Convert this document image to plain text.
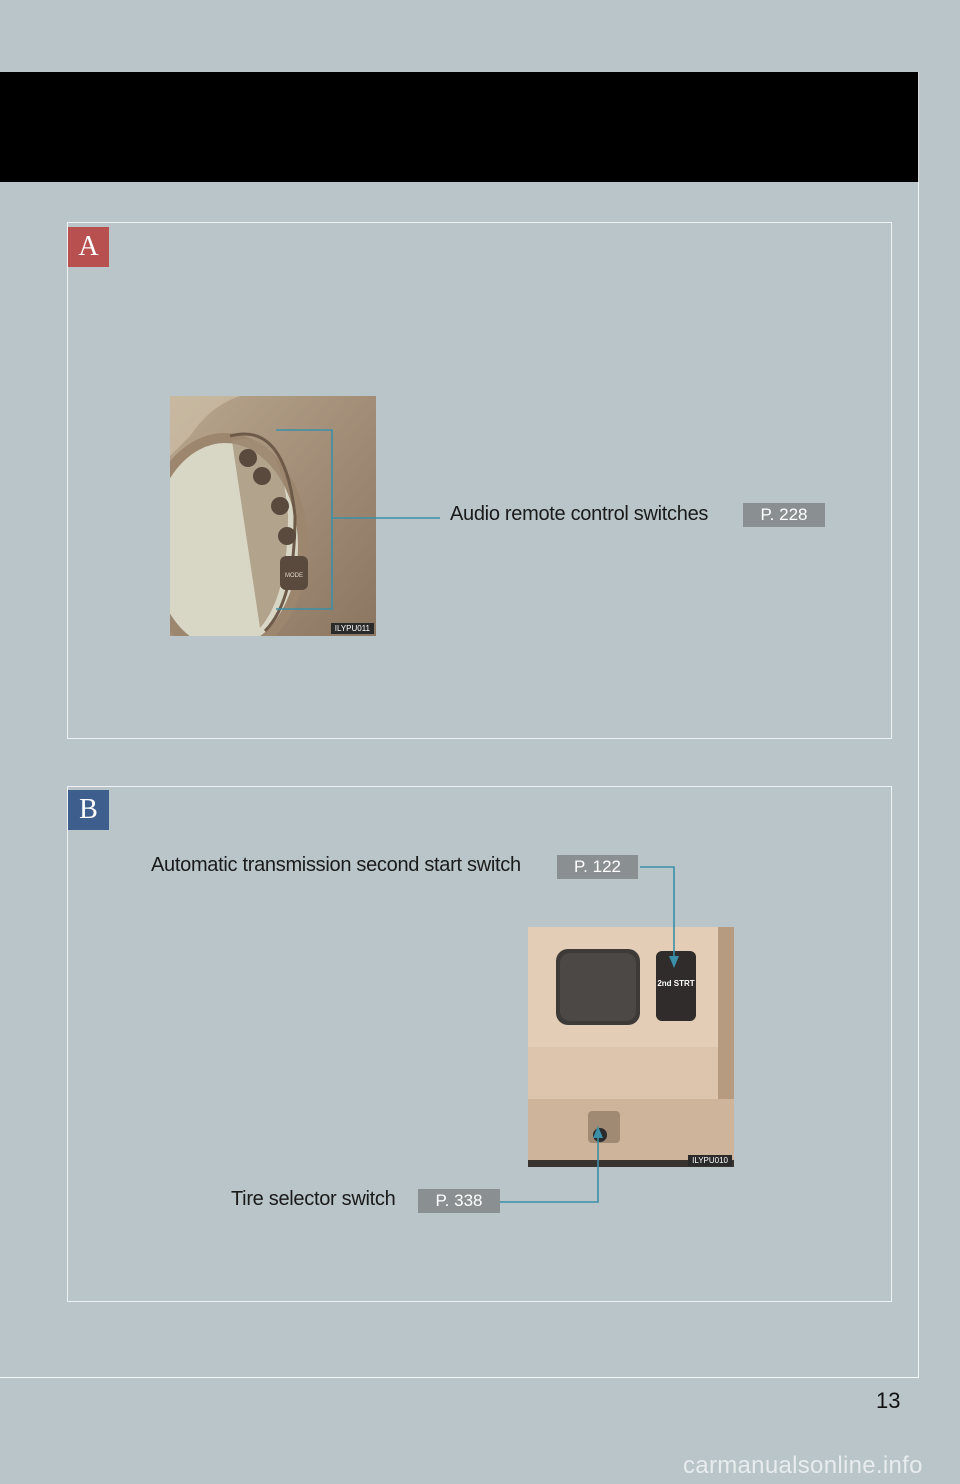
A
MODE
ILYPU011
Audio remote control switches	P. 228
B
Automatic transmission second start switch	P. 122
2nd STRT
ILYPU010
Tire selector switch	P. 338
13
carmanualsonline.info
